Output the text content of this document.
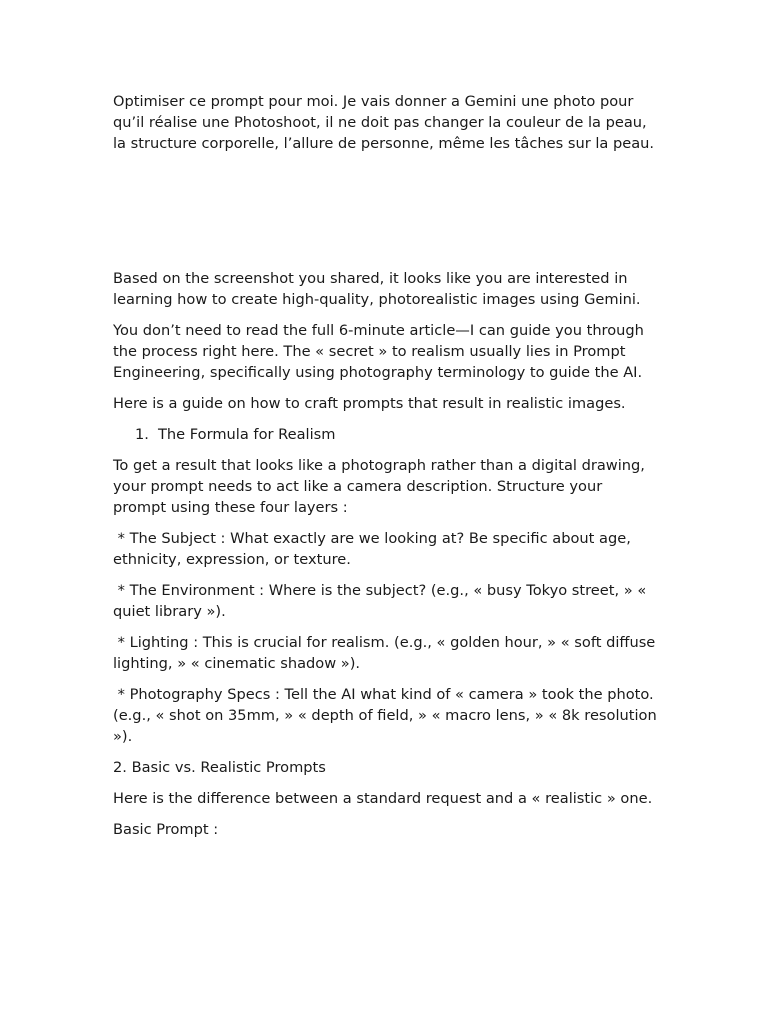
Optimiser ce prompt pour moi. Je vais donner a Gemini une photo pour qu’il réalise une Photoshoot, il ne doit pas changer la couleur de la peau, la structure corporelle, l’allure de personne, même les tâches sur la peau.

Based on the screenshot you shared, it looks like you are interested in learning how to create high-quality, photorealistic images using Gemini.

You don’t need to read the full 6-minute article—I can guide you through the process right here. The « secret » to realism usually lies in Prompt Engineering, specifically using photography terminology to guide the AI.

Here is a guide on how to craft prompts that result in realistic images.

1. The Formula for Realism

To get a result that looks like a photograph rather than a digital drawing, your prompt needs to act like a camera description. Structure your prompt using these four layers :

* The Subject : What exactly are we looking at? Be specific about age, ethnicity, expression, or texture.

* The Environment : Where is the subject? (e.g., « busy Tokyo street, » « quiet library »).

* Lighting : This is crucial for realism. (e.g., « golden hour, » « soft diffuse lighting, » « cinematic shadow »).

* Photography Specs : Tell the AI what kind of « camera » took the photo. (e.g., « shot on 35mm, » « depth of field, » « macro lens, » « 8k resolution »).

2. Basic vs. Realistic Prompts

Here is the difference between a standard request and a « realistic » one.

Basic Prompt :
